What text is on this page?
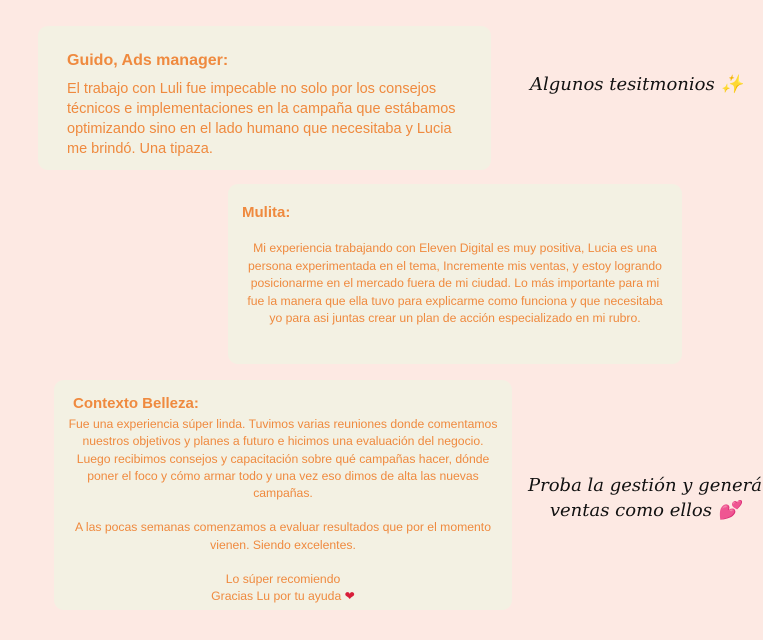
Guido, Ads manager:

El trabajo con Luli fue impecable no solo por los consejos técnicos e implementaciones en la campaña que estábamos optimizando sino en el lado humano que necesitaba y Lucia me brindó. Una tipaza.

Mulita:

Mi experiencia trabajando con Eleven Digital es muy positiva, Lucia es una persona experimentada en el tema, Incremente mis ventas, y estoy logrando posicionarme en el mercado fuera de mi ciudad. Lo más importante para mi fue la manera que ella tuvo para explicarme como funciona y que necesitaba yo para asi juntas crear un plan de acción especializado en mi rubro.

Contexto Belleza:

Fue una experiencia súper linda. Tuvimos varias reuniones donde comentamos nuestros objetivos y planes a futuro e hicimos una evaluación del negocio. Luego recibimos consejos y capacitación sobre qué campañas hacer, dónde poner el foco y cómo armar todo y una vez eso dimos de alta las nuevas campañas.

A las pocas semanas comenzamos a evaluar resultados que por el momento vienen. Siendo excelentes.

Lo súper recomiendo
Gracias Lu por tu ayuda ❤

Algunos tesitmonios ✨
Proba la gestión y generá
ventas como ellos 💕
